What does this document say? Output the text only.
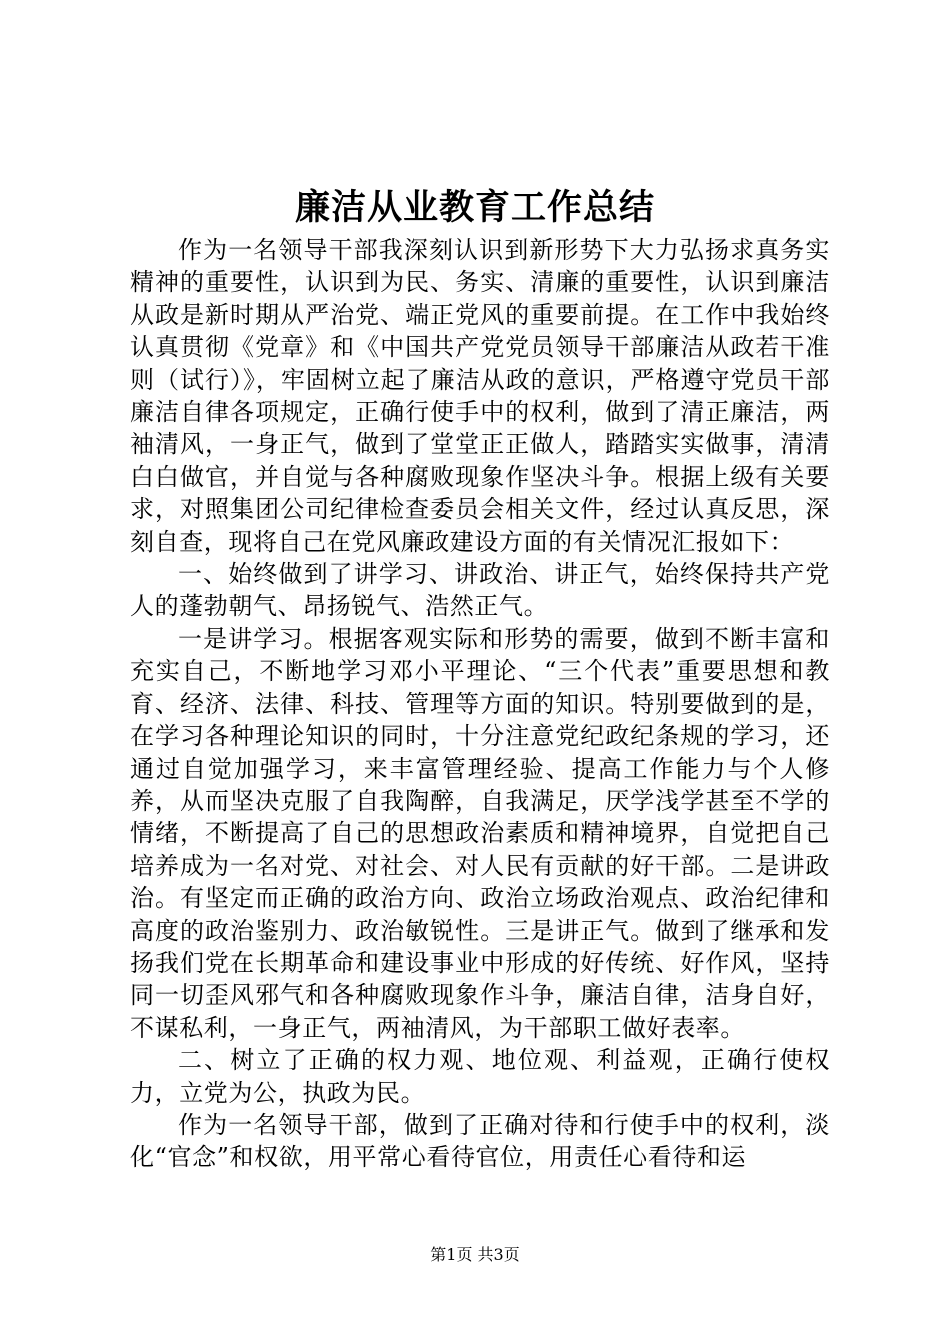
廉洁从业教育工作总结

作为一名领导干部我深刻认识到新形势下大力弘扬求真务实精神的重要性，认识到为民、务实、清廉的重要性，认识到廉洁从政是新时期从严治党、端正党风的重要前提。在工作中我始终认真贯彻《党章》和《中国共产党党员领导干部廉洁从政若干准则（试行）》，牢固树立起了廉洁从政的意识，严格遵守党员干部廉洁自律各项规定，正确行使手中的权利，做到了清正廉洁，两袖清风，一身正气，做到了堂堂正正做人，踏踏实实做事，清清白白做官，并自觉与各种腐败现象作坚决斗争。根据上级有关要求，对照集团公司纪律检查委员会相关文件，经过认真反思，深刻自查，现将自己在党风廉政建设方面的有关情况汇报如下：

一、始终做到了讲学习、讲政治、讲正气，始终保持共产党人的蓬勃朝气、昂扬锐气、浩然正气。

一是讲学习。根据客观实际和形势的需要，做到不断丰富和充实自己，不断地学习邓小平理论、“三个代表”重要思想和教育、经济、法律、科技、管理等方面的知识。特别要做到的是，在学习各种理论知识的同时，十分注意党纪政纪条规的学习，还通过自觉加强学习，来丰富管理经验、提高工作能力与个人修养，从而坚决克服了自我陶醉，自我满足，厌学浅学甚至不学的情绪，不断提高了自己的思想政治素质和精神境界，自觉把自己培养成为一名对党、对社会、对人民有贡献的好干部。二是讲政治。有坚定而正确的政治方向、政治立场政治观点、政治纪律和高度的政治鉴别力、政治敏锐性。三是讲正气。做到了继承和发扬我们党在长期革命和建设事业中形成的好传统、好作风，坚持同一切歪风邪气和各种腐败现象作斗争，廉洁自律，洁身自好，不谋私利，一身正气，两袖清风，为干部职工做好表率。

二、树立了正确的权力观、地位观、利益观，正确行使权力，立党为公，执政为民。

作为一名领导干部，做到了正确对待和行使手中的权利，淡化“官念”和权欲，用平常心看待官位，用责任心看待和运

第1页 共3页
